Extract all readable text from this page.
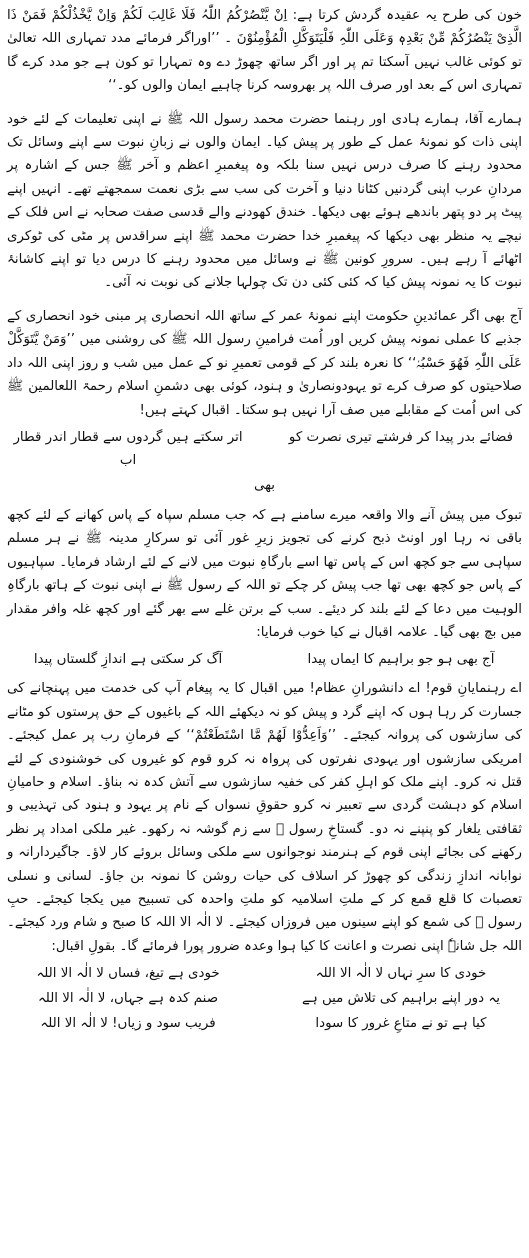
خون کی طرح یہ عقیدہ گردش کرتا ہے: اِنْ یَّنْصُرْکُمُ اللّٰہُ فَلَا غَالِبَ لَکُمْ وَاِنْ یَّخْذُلْکُمْ فَمَنْ ذَا الَّذِیْ یَنْصُرُکُمْ مِّنْ بَعْدِہٖ وَعَلَی اللّٰہِ فَلْیَتَوَکَّلِ الْمُؤْمِنُوْنَ ۔ ’’اوراگر فرمائے مدد تمہاری اللہ تعالیٰ تو کوئی غالب نہیں آسکتا تم پر اور اگر ساتھ چھوڑ دے وہ تمہارا تو کون ہے جو مدد کرے گا تمہاری اس کے بعد اور صرف اللہ پر بھروسہ کرنا چاہیے ایمان والوں کو۔‘‘

ہمارے آقا، ہمارے ہادی اور رہنما حضرت محمد رسول اللہ ﷺ نے اپنی تعلیمات کے لئے خود اپنی ذات کو نمونۂ عمل کے طور پر پیش کیا۔ ایمان والوں نے زبانِ نبوت سے اپنے وسائل تک محدود رہنے کا صرف درس نہیں سنا بلکہ وہ پیغمبرِ اعظم و آخر ﷺ جس کے اشارہ پر مردانِ عرب اپنی گردنیں کٹانا دنیا و آخرت کی سب سے بڑی نعمت سمجھتے تھے۔ انہیں اپنے پیٹ پر دو پتھر باندھے ہوئے بھی دیکھا۔ خندق کھودنے والے قدسی صفت صحابہ نے اس فلک کے نیچے یہ منظر بھی دیکھا کہ پیغمبرِ خدا حضرت محمد ﷺ اپنے سراقدس پر مٹی کی ٹوکری اٹھائے آ رہے ہیں۔ سرورِ کونین ﷺ نے وسائل میں محدود رہنے کا درس دیا تو اپنے کاشانۂ نبوت کا یہ نمونہ پیش کیا کہ کئی کئی دن تک چولہا جلانے کی نوبت نہ آئی۔

آج بھی اگر عمائدینِ حکومت اپنے نمونۂ عمر کے ساتھ اللہ انحصاری پر مبنی خود انحصاری کے جذبے کا عملی نمونہ پیش کریں اور اُمت فرامینِ رسول اللہ ﷺ کی روشنی میں ’’وَمَنْ یَّتَوَکَّلْ عَلَی اللّٰہِ فَھُوَ حَسْبُہٗ‘‘ کا نعرہ بلند کر کے قومی تعمیرِ نو کے عمل میں شب و روز اپنی اللہ داد صلاحیتوں کو صرف کرے تو یہودونصاریٰ و ہنود، کوئی بھی دشمنِ اسلام رحمۃ اللعالمین ﷺ کی اس اُمت کے مقابلے میں صف آرا نہیں ہو سکتا۔ اقبال کہتے ہیں!

فضائے بدر پیدا کر فرشتے تیری نصرت کو
اتر سکتے ہیں گردوں سے قطار اندر قطار اب
بھی

تبوک میں پیش آنے والا واقعہ میرے سامنے ہے کہ جب مسلم سپاہ کے پاس کھانے کے لئے کچھ باقی نہ رہا اور اونٹ ذبح کرنے کی تجویز زیرِ غور آئی تو سرکارِ مدینہ ﷺ نے ہر مسلم سپاہی سے جو کچھ اس کے پاس تھا اسے بارگاہِ نبوت میں لانے کے لئے ارشاد فرمایا۔ سپاہیوں کے پاس جو کچھ بھی تھا جب پیش کر چکے تو اللہ کے رسول ﷺ نے اپنی نبوت کے ہاتھ بارگاہِ الوہیت میں دعا کے لئے بلند کر دیئے۔ سب کے برتن غلے سے بھر گئے اور کچھ غلہ وافر مقدار میں بچ بھی گیا۔ علامہ اقبال نے کیا خوب فرمایا:

آج بھی ہو جو براہیم کا ایماں پیدا
آگ کر سکتی ہے اندازِ گلستاں پیدا

اے رہنمایانِ قوم! اے دانشورانِ عظام! میں اقبال کا یہ پیغام آپ کی خدمت میں پہنچانے کی جسارت کر رہا ہوں کہ اپنے گرد و پیش کو نہ دیکھئے اللہ کے باغیوں کے حق پرستوں کو مٹانے کی سازشوں کی پروانہ کیجئے۔ ’’وَاَعِدُّوْا لَھُمْ مَّا اسْتَطَعْتُمْ‘‘ کے فرمانِ رب پر عمل کیجئے۔ امریکی سازشوں اور یہودی نفرتوں کی پرواہ نہ کرو قوم کو غیروں کی خوشنودی کے لئے قتل نہ کرو۔ اپنے ملک کو اہلِ کفر کی خفیہ سازشوں سے آتش کدہ نہ بناؤ۔ اسلام و حامیانِ اسلام کو دہشت گردی سے تعبیر نہ کرو حقوقِ نسواں کے نام پر یہود و ہنود کی تہذیبی و ثقافتی یلغار کو پنپنے نہ دو۔ گستاخِ رسول ﷺ سے زم گوشہ نہ رکھو۔ غیر ملکی امداد پر نظر رکھنے کی بجائے اپنی قوم کے ہنرمند نوجوانوں سے ملکی وسائل بروئے کار لاؤ۔ جاگیردارانہ و نوابانہ اندازِ زندگی کو چھوڑ کر اسلاف کی حیات روشن کا نمونہ بن جاؤ۔ لسانی و نسلی تعصبات کا قلع قمع کر کے ملتِ اسلامیہ کو ملتِ واحدہ کی تسبیح میں یکجا کیجئے۔ حبِ رسول ﷺ کی شمع کو اپنے سینوں میں فروزاں کیجئے۔ لا الٰہ الا اللہ کا صبح و شام ورد کیجئے۔ اللہ جل شانہٗ اپنی نصرت و اعانت کا کیا ہوا وعدہ ضرور پورا فرمائے گا۔ بقولِ اقبال:

خودی کا سرِ نہاں لا الٰہ الا اللہ
خودی ہے تیغ، فساں لا الٰہ الا اللہ
یہ دور اپنے براہیم کی تلاش میں ہے
صنم کدہ ہے جہاں، لا الٰہ الا اللہ
کیا ہے تو نے متاعِ غرور کا سودا
فریب سود و زیاں! لا الٰہ الا اللہ
